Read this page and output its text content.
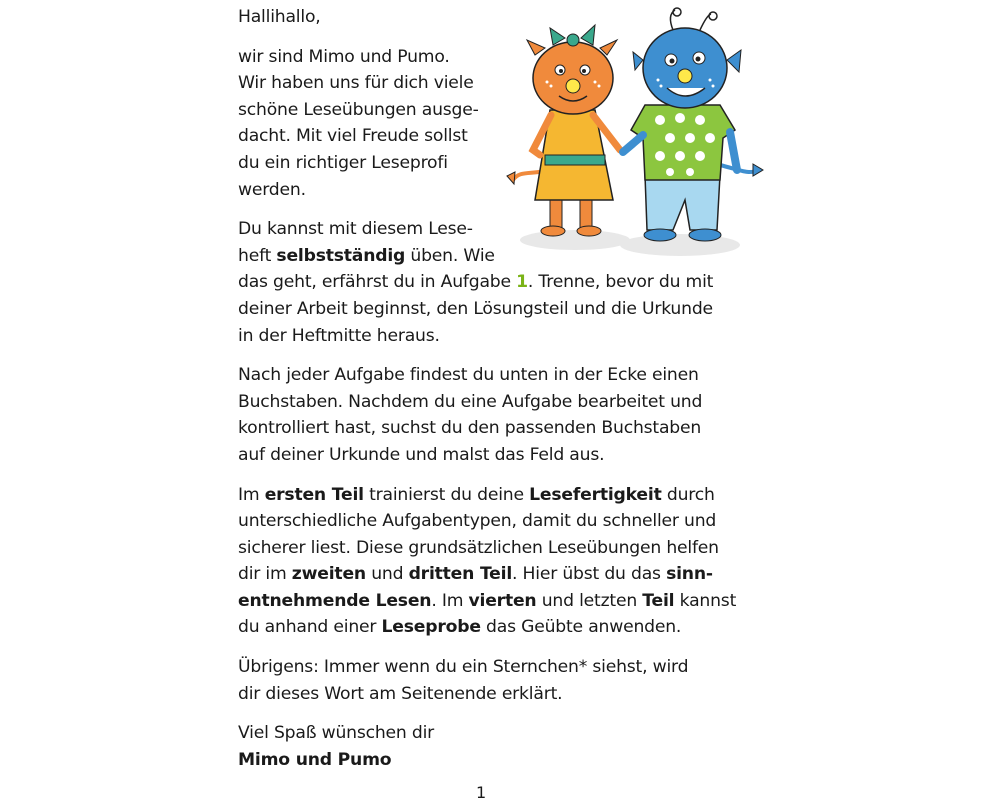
Hallihallo,

wir sind Mimo und Pumo.
Wir haben uns für dich viele
schöne Leseübungen ausge-
dacht. Mit viel Freude sollst
du ein richtiger Leseprofi
werden.

Du kannst mit diesem Lese-
heft selbstständig üben. Wie
das geht, erfährst du in Aufgabe 1. Trenne, bevor du mit
deiner Arbeit beginnst, den Lösungsteil und die Urkunde
in der Heftmitte heraus.

Nach jeder Aufgabe findest du unten in der Ecke einen
Buchstaben. Nachdem du eine Aufgabe bearbeitet und
kontrolliert hast, suchst du den passenden Buchstaben
auf deiner Urkunde und malst das Feld aus.

Im ersten Teil trainierst du deine Lesefertigkeit durch
unterschiedliche Aufgabentypen, damit du schneller und
sicherer liest. Diese grundsätzlichen Leseübungen helfen
dir im zweiten und dritten Teil. Hier übst du das sinn-
entnehmende Lesen. Im vierten und letzten Teil kannst
du anhand einer Leseprobe das Geübte anwenden.

Übrigens: Immer wenn du ein Sternchen* siehst, wird
dir dieses Wort am Seitenende erklärt.

Viel Spaß wünschen dir
Mimo und Pumo

1
